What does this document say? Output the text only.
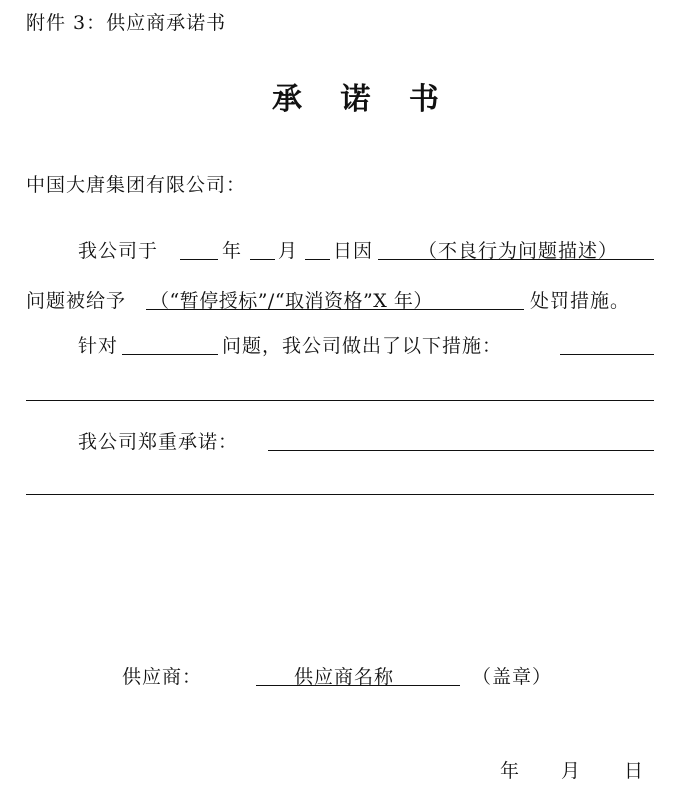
附件 3：供应商承诺书
承 诺 书
中国大唐集团有限公司：
我公司于	年 月 日因 （不良行为问题描述）
问题被给予 （“暂停授标”/“取消资格”X 年）	处罚措施。
针对	问题，我公司做出了以下措施：
我公司郑重承诺：
供应商：	供应商名称	（盖章）
年 月 日
